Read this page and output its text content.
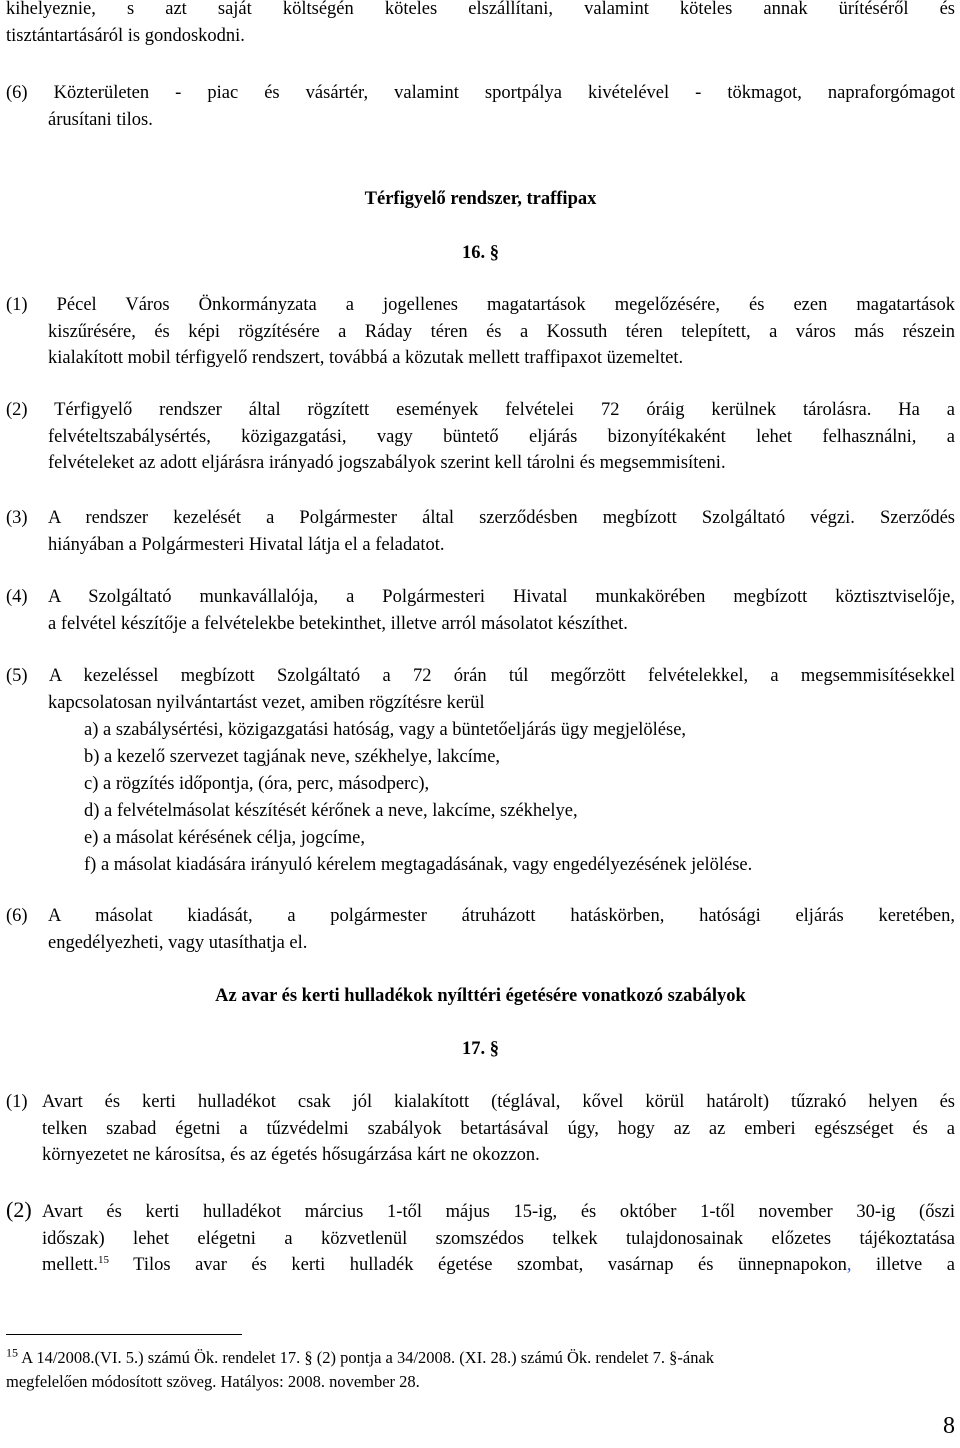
kihelyeznie, s azt saját költségén köteles elszállítani, valamint köteles annak ürítéséről és
tisztántartásáról is gondoskodni.
(6) Közterületen - piac és vásártér, valamint sportpálya kivételével - tökmagot, napraforgómagot
árusítani tilos.
Térfigyelő rendszer, traffipax
16. §
(1) Pécel Város Önkormányzata a jogellenes magatartások megelőzésére, és ezen magatartások
kiszűrésére, és képi rögzítésére a Ráday téren és a Kossuth téren telepített, a város más részein
kialakított mobil térfigyelő rendszert, továbbá a közutak mellett traffipaxot üzemeltet.
(2) Térfigyelő rendszer által rögzített események felvételei 72 óráig kerülnek tárolásra. Ha a
felvételtszabálysértés, közigazgatási, vagy büntető eljárás bizonyítékaként lehet felhasználni, a
felvételeket az adott eljárásra irányadó jogszabályok szerint kell tárolni és megsemmisíteni.
(3) A rendszer kezelését a Polgármester által szerződésben megbízott Szolgáltató végzi. Szerződés
hiányában a Polgármesteri Hivatal látja el a feladatot.
(4) A Szolgáltató munkavállalója, a Polgármesteri Hivatal munkakörében megbízott köztisztviselője,
a felvétel készítője a felvételekbe betekinthet, illetve arról másolatot készíthet.
(5) A kezeléssel megbízott Szolgáltató a 72 órán túl megőrzött felvételekkel, a megsemmisítésekkel
kapcsolatosan nyilvántartást vezet, amiben rögzítésre kerül
a) a szabálysértési, közigazgatási hatóság, vagy a büntetőeljárás ügy megjelölése,
b) a kezelő szervezet tagjának neve, székhelye, lakcíme,
c) a rögzítés időpontja, (óra, perc, másodperc),
d) a felvételmásolat készítését kérőnek a neve, lakcíme, székhelye,
e) a másolat kérésének célja, jogcíme,
f) a másolat kiadására irányuló kérelem megtagadásának, vagy engedélyezésének jelölése.
(6) A másolat kiadását, a polgármester átruházott hatáskörben, hatósági eljárás keretében,
engedélyezheti, vagy utasíthatja el.
Az avar és kerti hulladékok nyílttéri égetésére vonatkozó szabályok
17. §
(1) Avart és kerti hulladékot csak jól kialakított (téglával, kővel körül határolt) tűzrakó helyen és
telken szabad égetni a tűzvédelmi szabályok betartásával úgy, hogy az az emberi egészséget és a
környezetet ne károsítsa, és az égetés hősugárzása kárt ne okozzon.
(2) Avart és kerti hulladékot március 1-től május 15-ig, és október 1-től november 30-ig (őszi
időszak) lehet elégetni a közvetlenül szomszédos telkek tulajdonosainak előzetes tájékoztatása
mellett.$^{15}$ Tilos avar és kerti hulladék égetése szombat, vasárnap és ünnepnapokon, illetve a
$^{15}$ A 14/2008.(VI. 5.) számú Ök. rendelet 17. § (2) pontja a 34/2008. (XI. 28.) számú Ök. rendelet 7. §-ának
megfelelően módosított szöveg. Hatályos: 2008. november 28.
8
